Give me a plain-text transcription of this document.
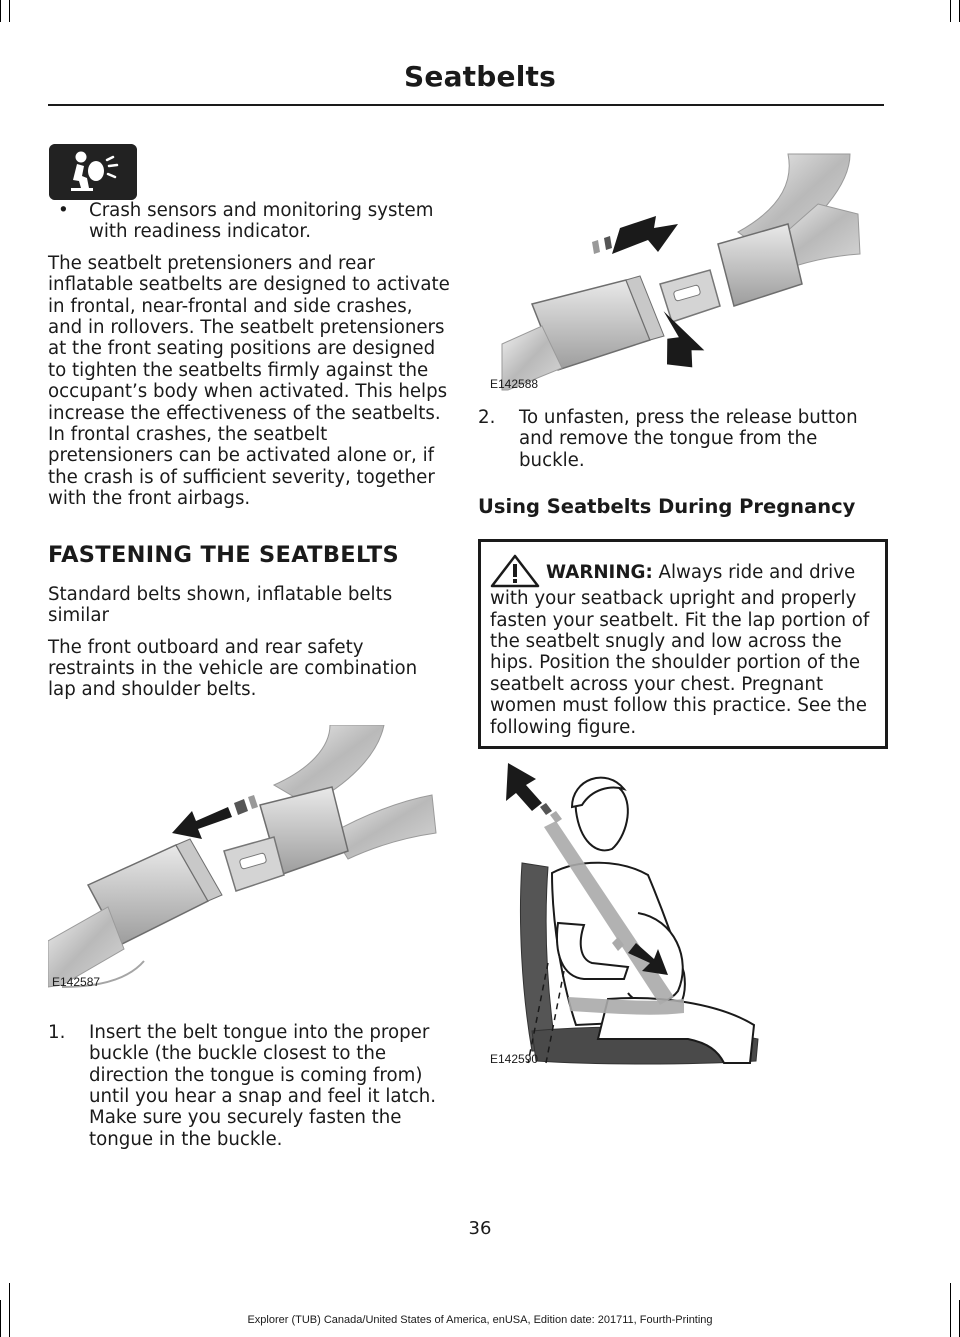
Seatbelts

• Crash sensors and monitoring system with readiness indicator.

The seatbelt pretensioners and rear inflatable seatbelts are designed to activate in frontal, near-frontal and side crashes, and in rollovers. The seatbelt pretensioners at the front seating positions are designed to tighten the seatbelts firmly against the occupant’s body when activated. This helps increase the effectiveness of the seatbelts. In frontal crashes, the seatbelt pretensioners can be activated alone or, if the crash is of sufficient severity, together with the front airbags.

FASTENING THE SEATBELTS

Standard belts shown, inflatable belts similar

The front outboard and rear safety restraints in the vehicle are combination lap and shoulder belts.

E142587

1. Insert the belt tongue into the proper buckle (the buckle closest to the direction the tongue is coming from) until you hear a snap and feel it latch. Make sure you securely fasten the tongue in the buckle.

E142588

2. To unfasten, press the release button and remove the tongue from the buckle.

Using Seatbelts During Pregnancy

WARNING: Always ride and drive with your seatback upright and properly fasten your seatbelt. Fit the lap portion of the seatbelt snugly and low across the hips. Position the shoulder portion of the seatbelt across your chest. Pregnant women must follow this practice. See the following figure.
E142590
36
Explorer (TUB) Canada/United States of America, enUSA, Edition date: 201711, Fourth-Printing
